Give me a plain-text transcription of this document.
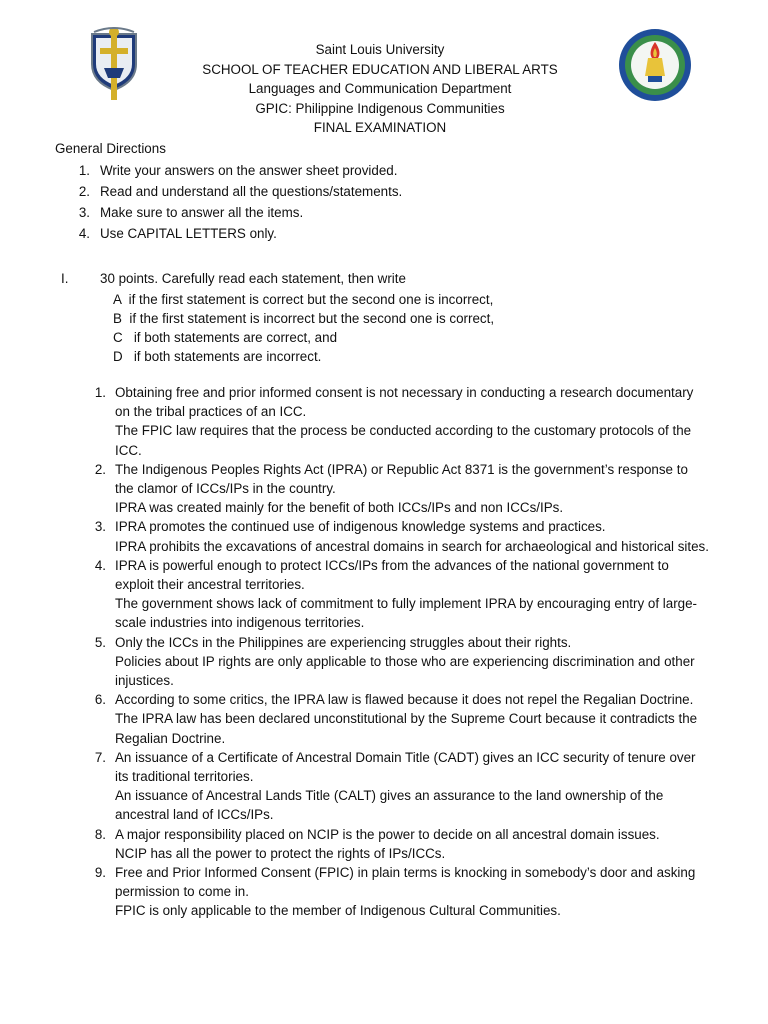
Saint Louis University
SCHOOL OF TEACHER EDUCATION AND LIBERAL ARTS
Languages and Communication Department
GPIC: Philippine Indigenous Communities
FINAL EXAMINATION
General Directions
1. Write your answers on the answer sheet provided.
2. Read and understand all the questions/statements.
3. Make sure to answer all the items.
4. Use CAPITAL LETTERS only.
I. 30 points. Carefully read each statement, then write
A  if the first statement is correct but the second one is incorrect,
B  if the first statement is incorrect but the second one is correct,
C   if both statements are correct, and
D   if both statements are incorrect.
1. Obtaining free and prior informed consent is not necessary in conducting a research documentary on the tribal practices of an ICC.

The FPIC law requires that the process be conducted according to the customary protocols of the ICC.

2. The Indigenous Peoples Rights Act (IPRA) or Republic Act 8371 is the government’s response to the clamor of ICCs/IPs in the country.

IPRA was created mainly for the benefit of both ICCs/IPs and non ICCs/IPs.

3. IPRA promotes the continued use of indigenous knowledge systems and practices.

IPRA prohibits the excavations of ancestral domains in search for archaeological and historical sites.

4. IPRA is powerful enough to protect ICCs/IPs from the advances of the national government to exploit their ancestral territories.

The government shows lack of commitment to fully implement IPRA by encouraging entry of large-scale industries into indigenous territories.

5. Only the ICCs in the Philippines are experiencing struggles about their rights.

Policies about IP rights are only applicable to those who are experiencing discrimination and other injustices.

6. According to some critics, the IPRA law is flawed because it does not repel the Regalian Doctrine.

The IPRA law has been declared unconstitutional by the Supreme Court because it contradicts the Regalian Doctrine.

7. An issuance of a Certificate of Ancestral Domain Title (CADT) gives an ICC security of tenure over its traditional territories.

An issuance of Ancestral Lands Title (CALT) gives an assurance to the land ownership of the ancestral land of ICCs/IPs.

8. A major responsibility placed on NCIP is the power to decide on all ancestral domain issues.

NCIP has all the power to protect the rights of IPs/ICCs.

9. Free and Prior Informed Consent (FPIC) in plain terms is knocking in somebody’s door and asking permission to come in.

FPIC is only applicable to the member of Indigenous Cultural Communities.
